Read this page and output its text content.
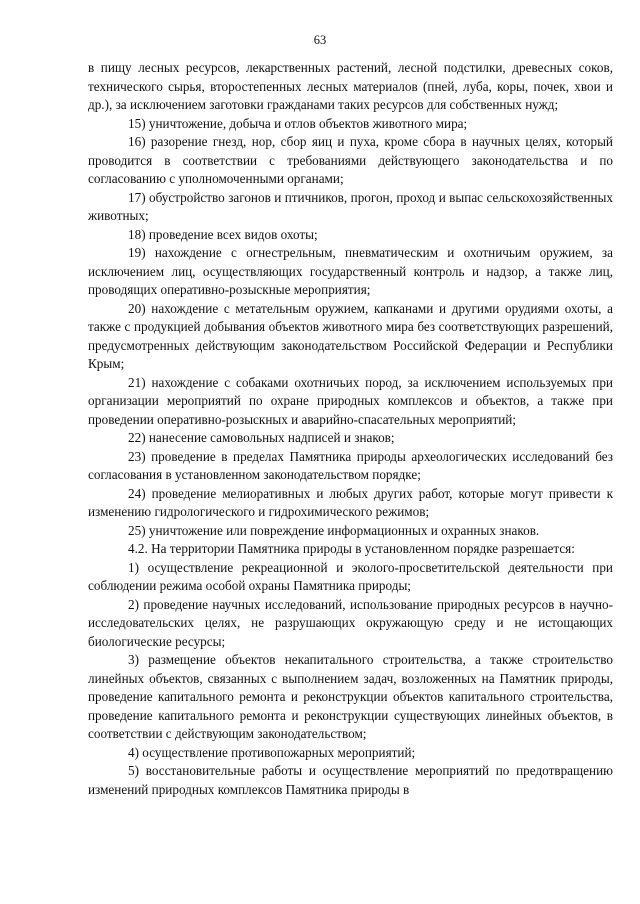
63

в пищу лесных ресурсов, лекарственных растений, лесной подстилки, древесных соков, технического сырья, второстепенных лесных материалов (пней, луба, коры, почек, хвои и др.), за исключением заготовки гражданами таких ресурсов для собственных нужд;

15) уничтожение, добыча и отлов объектов животного мира;

16) разорение гнезд, нор, сбор яиц и пуха, кроме сбора в научных целях, который проводится в соответствии с требованиями действующего законодательства и по согласованию с уполномоченными органами;

17) обустройство загонов и птичников, прогон, проход и выпас сельскохозяйственных животных;

18) проведение всех видов охоты;

19) нахождение с огнестрельным, пневматическим и охотничьим оружием, за исключением лиц, осуществляющих государственный контроль и надзор, а также лиц, проводящих оперативно-розыскные мероприятия;

20) нахождение с метательным оружием, капканами и другими орудиями охоты, а также с продукцией добывания объектов животного мира без соответствующих разрешений, предусмотренных действующим законодательством Российской Федерации и Республики Крым;

21) нахождение с собаками охотничьих пород, за исключением используемых при организации мероприятий по охране природных комплексов и объектов, а также при проведении оперативно-розыскных и аварийно-спасательных мероприятий;

22) нанесение самовольных надписей и знаков;

23) проведение в пределах Памятника природы археологических исследований без согласования в установленном законодательством порядке;

24) проведение мелиоративных и любых других работ, которые могут привести к изменению гидрологического и гидрохимического режимов;

25) уничтожение или повреждение информационных и охранных знаков.

4.2. На территории Памятника природы в установленном порядке разрешается:

1) осуществление рекреационной и эколого-просветительской деятельности при соблюдении режима особой охраны Памятника природы;

2) проведение научных исследований, использование природных ресурсов в научно-исследовательских целях, не разрушающих окружающую среду и не истощающих биологические ресурсы;

3) размещение объектов некапитального строительства, а также строительство линейных объектов, связанных с выполнением задач, возложенных на Памятник природы, проведение капитального ремонта и реконструкции объектов капитального строительства, проведение капитального ремонта и реконструкции существующих линейных объектов, в соответствии с действующим законодательством;

4) осуществление противопожарных мероприятий;

5) восстановительные работы и осуществление мероприятий по предотвращению изменений природных комплексов Памятника природы в
